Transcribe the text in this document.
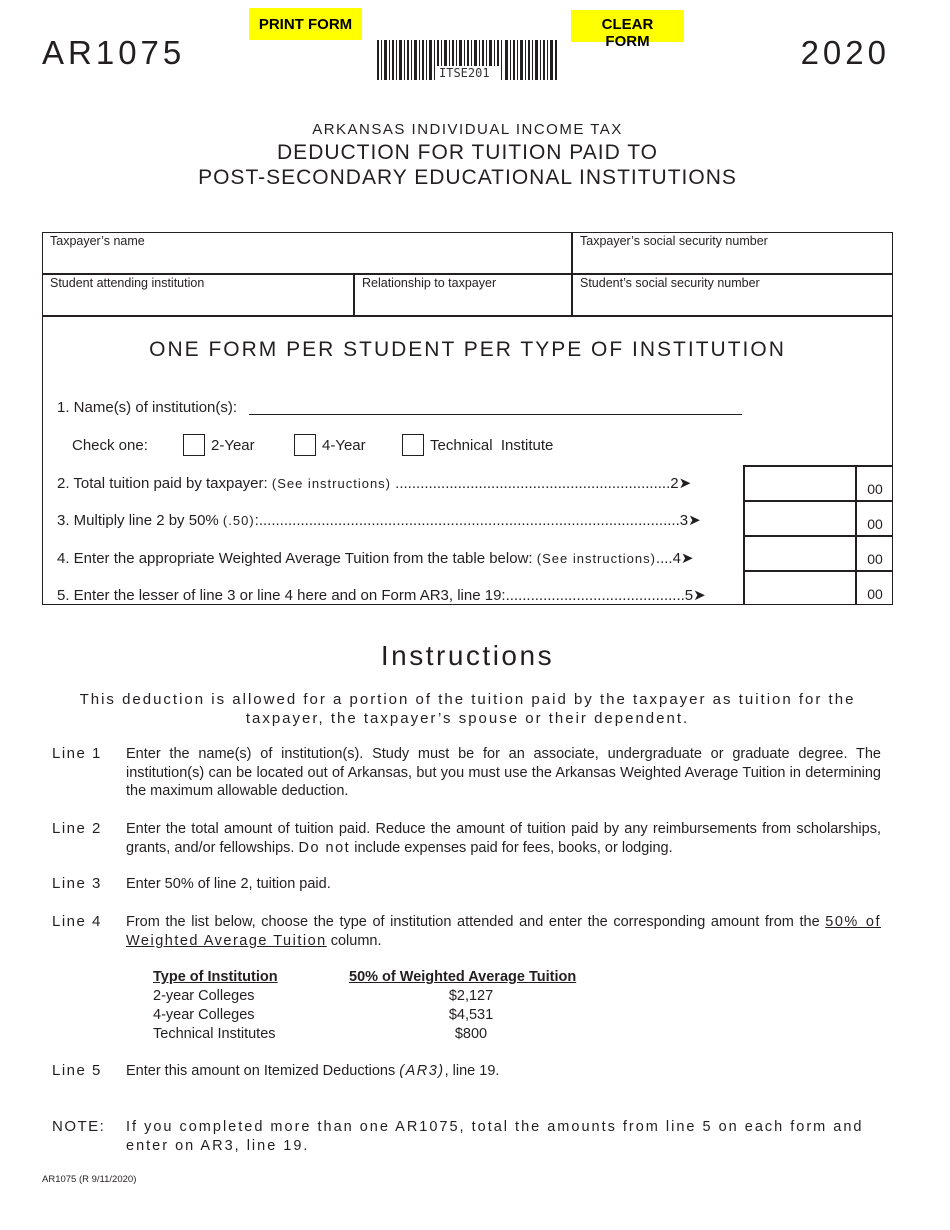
AR1075	2020
PRINT FORM	CLEAR FORM
ITSE201
ARKANSAS INDIVIDUAL INCOME TAX
DEDUCTION FOR TUITION PAID TO
POST-SECONDARY EDUCATIONAL INSTITUTIONS
Taxpayer’s name	Taxpayer’s social security number
Student attending institution	Relationship to taxpayer	Student’s social security number
ONE FORM PER STUDENT PER TYPE OF INSTITUTION
1. Name(s) of institution(s):
Check one:	2-Year	4-Year	Technical  Institute
2. Total tuition paid by taxpayer: (See instructions) ..................................................................2➤	00
3. Multiply line 2 by 50% (.50):.....................................................................................................3➤	00
4. Enter the appropriate Weighted Average Tuition from the table below: (See instructions)....4➤	00
5. Enter the lesser of line 3 or line 4 here and on Form AR3, line 19:...........................................5➤	00
Instructions
This deduction is allowed for a portion of the tuition paid by the taxpayer as tuition for the taxpayer, the taxpayer’s spouse or their dependent.
Line 1 Enter the name(s) of institution(s). Study must be for an associate, undergraduate or graduate degree. The institution(s) can be located out of Arkansas, but you must use the Arkansas Weighted Average Tuition in determining the maximum allowable deduction.
Line 2 Enter the total amount of tuition paid. Reduce the amount of tuition paid by any reimbursements from scholarships, grants, and/or fellowships. Do not include expenses paid for fees, books, or lodging.
Line 3 Enter 50% of line 2, tuition paid.
Line 4 From the list below, choose the type of institution attended and enter the corresponding amount from the 50% of Weighted Average Tuition column.
Type of Institution	50% of Weighted Average Tuition
2-year Colleges	$2,127
4-year Colleges	$4,531
Technical Institutes	$800
Line 5 Enter this amount on Itemized Deductions (AR3), line 19.
NOTE: If you completed more than one AR1075, total the amounts from line 5 on each form and enter on AR3, line 19.
AR1075 (R 9/11/2020)
